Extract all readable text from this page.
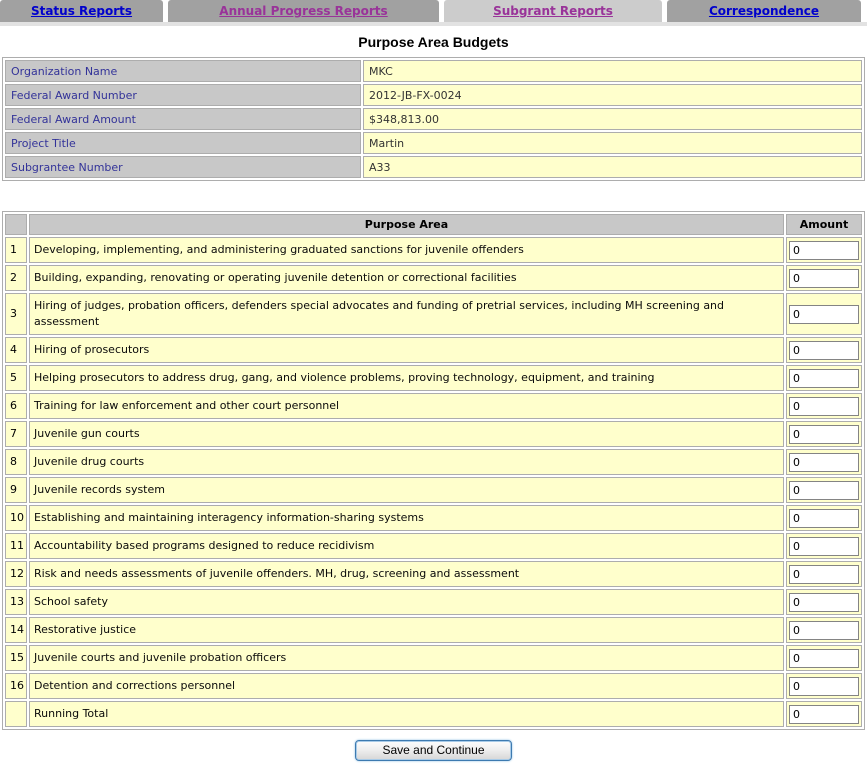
Status Reports	Annual Progress Reports	Subgrant Reports	Correspondence
Purpose Area Budgets
Organization Name	MKC
Federal Award Number	2012-JB-FX-0024
Federal Award Amount	$348,813.00
Project Title	Martin
Subgrantee Number	A33
	Purpose Area	Amount
1	Developing, implementing, and administering graduated sanctions for juvenile offenders	0
2	Building, expanding, renovating or operating juvenile detention or correctional facilities	0
3	Hiring of judges, probation officers, defenders special advocates and funding of pretrial services, including MH screening and assessment	0
4	Hiring of prosecutors	0
5	Helping prosecutors to address drug, gang, and violence problems, proving technology, equipment, and training	0
6	Training for law enforcement and other court personnel	0
7	Juvenile gun courts	0
8	Juvenile drug courts	0
9	Juvenile records system	0
10	Establishing and maintaining interagency information-sharing systems	0
11	Accountability based programs designed to reduce recidivism	0
12	Risk and needs assessments of juvenile offenders. MH, drug, screening and assessment	0
13	School safety	0
14	Restorative justice	0
15	Juvenile courts and juvenile probation officers	0
16	Detention and corrections personnel	0
	Running Total	0
Save and Continue
